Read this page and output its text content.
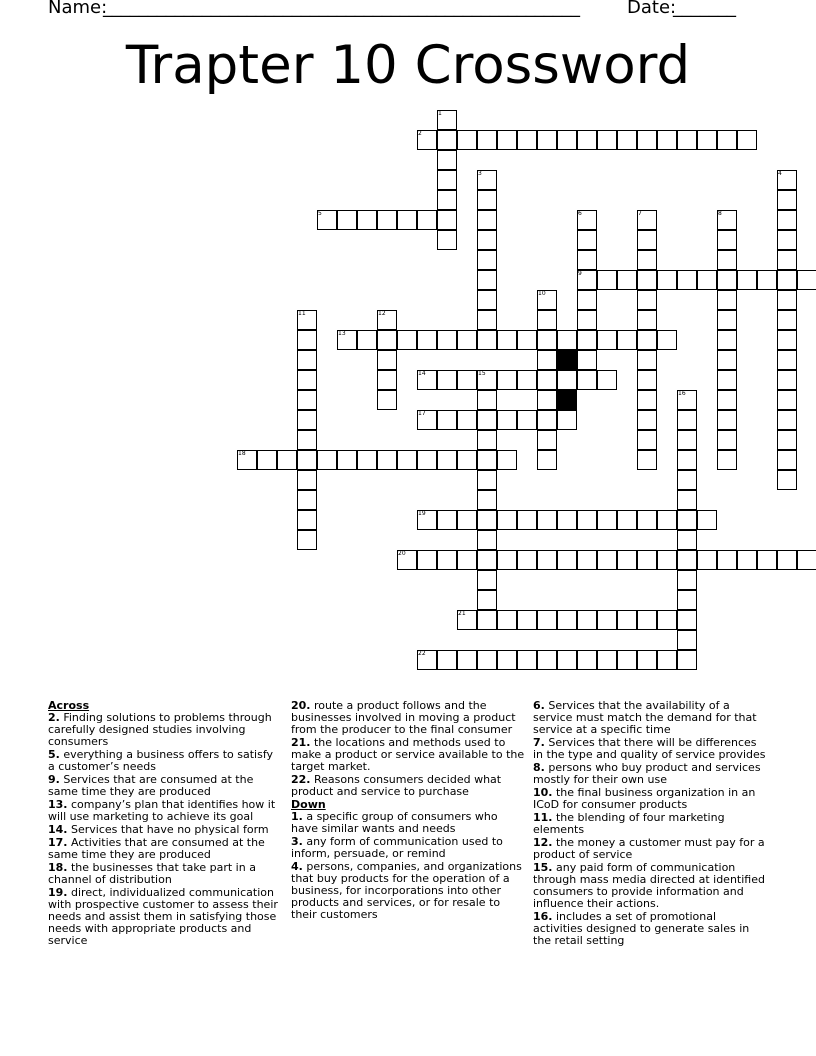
Name:
_____________________________________________________	Date:
_______
Trapter 10 Crossword
1
2
3	4
5	6	7	8
9
10
11	12
13
14	15
16
17
18
19
20
21
22
Across
2. Finding solutions to problems through carefully designed studies involving consumers
5. everything a business offers to satisfy a customer’s needs
9. Services that are consumed at the same time they are produced
13. company’s plan that identifies how it will use marketing to achieve its goal
14. Services that have no physical form
17. Activities that are consumed at the same time they are produced
18. the businesses that take part in a channel of distribution
19. direct, individualized communication with prospective customer to assess their needs and assist them in satisfying those needs with appropriate products and service
20. route a product follows and the businesses involved in moving a product from the producer to the final consumer
21. the locations and methods used to make a product or service available to the target market.
22. Reasons consumers decided what product and service to purchase
Down
1. a specific group of consumers who have similar wants and needs
3. any form of communication used to inform, persuade, or remind
4. persons, companies, and organizations that buy products for the operation of a business, for incorporations into other products and services, or for resale to their customers
6. Services that the availability of a service must match the demand for that service at a specific time
7. Services that there will be differences in the type and quality of service provides
8. persons who buy product and services mostly for their own use
10. the final business organization in an ICoD for consumer products
11. the blending of four marketing elements
12. the money a customer must pay for a product of service
15. any paid form of communication through mass media directed at identified consumers to provide information and influence their actions.
16. includes a set of promotional activities designed to generate sales in the retail setting
